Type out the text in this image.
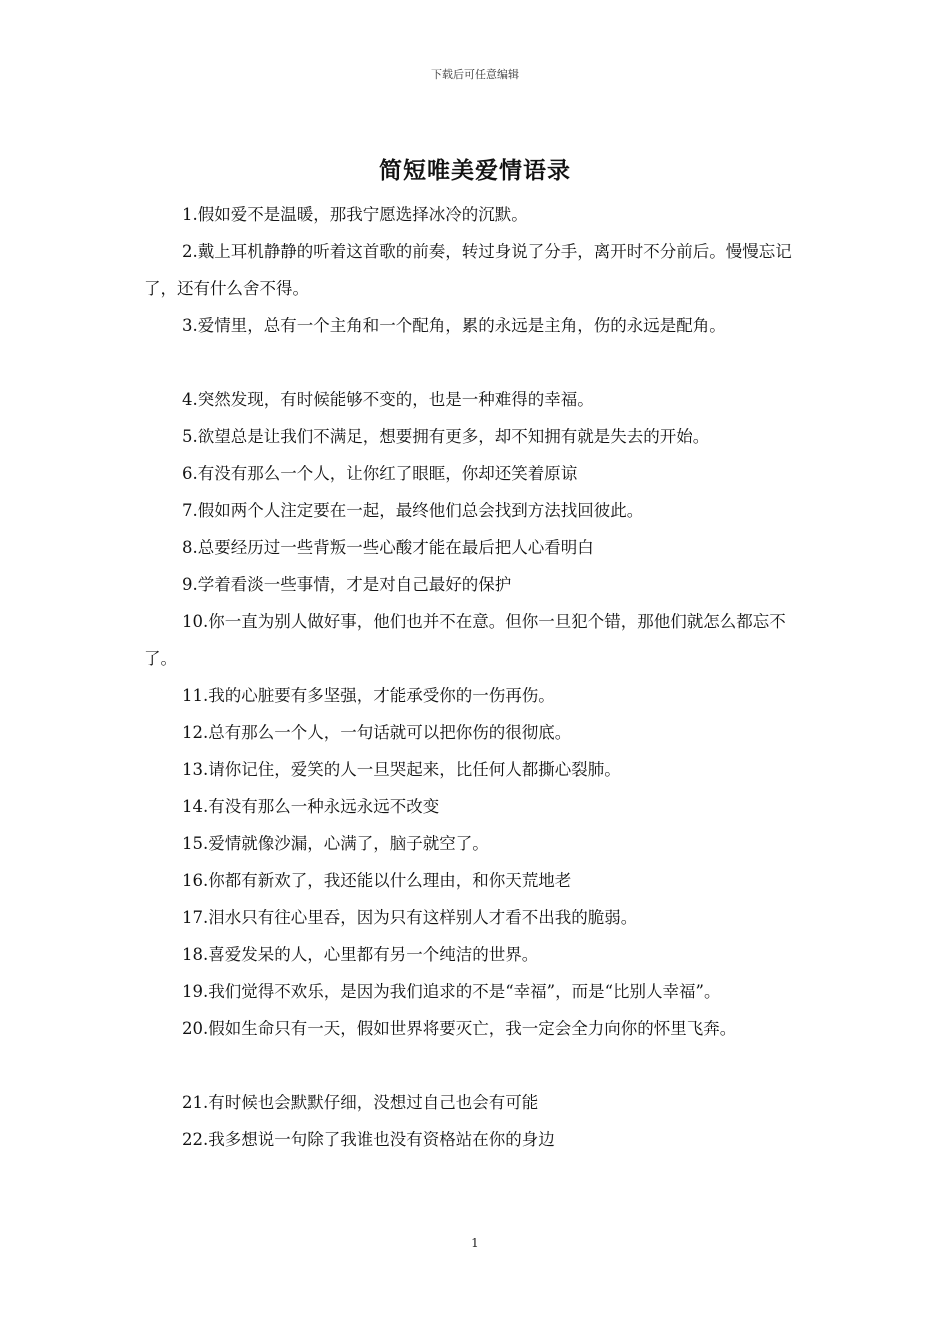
下载后可任意编辑
简短唯美爱情语录

1.假如爱不是温暖，那我宁愿选择冰冷的沉默。

2.戴上耳机静静的听着这首歌的前奏，转过身说了分手，离开时不分前后。慢慢忘记了，还有什么舍不得。

3.爱情里，总有一个主角和一个配角，累的永远是主角，伤的永远是配角。

4.突然发现，有时候能够不变的，也是一种难得的幸福。

5.欲望总是让我们不满足，想要拥有更多，却不知拥有就是失去的开始。

6.有没有那么一个人，让你红了眼眶，你却还笑着原谅

7.假如两个人注定要在一起，最终他们总会找到方法找回彼此。

8.总要经历过一些背叛一些心酸才能在最后把人心看明白

9.学着看淡一些事情，才是对自己最好的保护

10.你一直为别人做好事，他们也并不在意。但你一旦犯个错，那他们就怎么都忘不了。

11.我的心脏要有多坚强，才能承受你的一伤再伤。

12.总有那么一个人，一句话就可以把你伤的很彻底。

13.请你记住，爱笑的人一旦哭起来，比任何人都撕心裂肺。

14.有没有那么一种永远永远不改变

15.爱情就像沙漏，心满了，脑子就空了。

16.你都有新欢了，我还能以什么理由，和你天荒地老

17.泪水只有往心里吞，因为只有这样别人才看不出我的脆弱。

18.喜爱发呆的人，心里都有另一个纯洁的世界。

19.我们觉得不欢乐，是因为我们追求的不是“幸福”，而是“比别人幸福”。

20.假如生命只有一天，假如世界将要灭亡，我一定会全力向你的怀里飞奔。

21.有时候也会默默仔细，没想过自己也会有可能

22.我多想说一句除了我谁也没有资格站在你的身边

1
